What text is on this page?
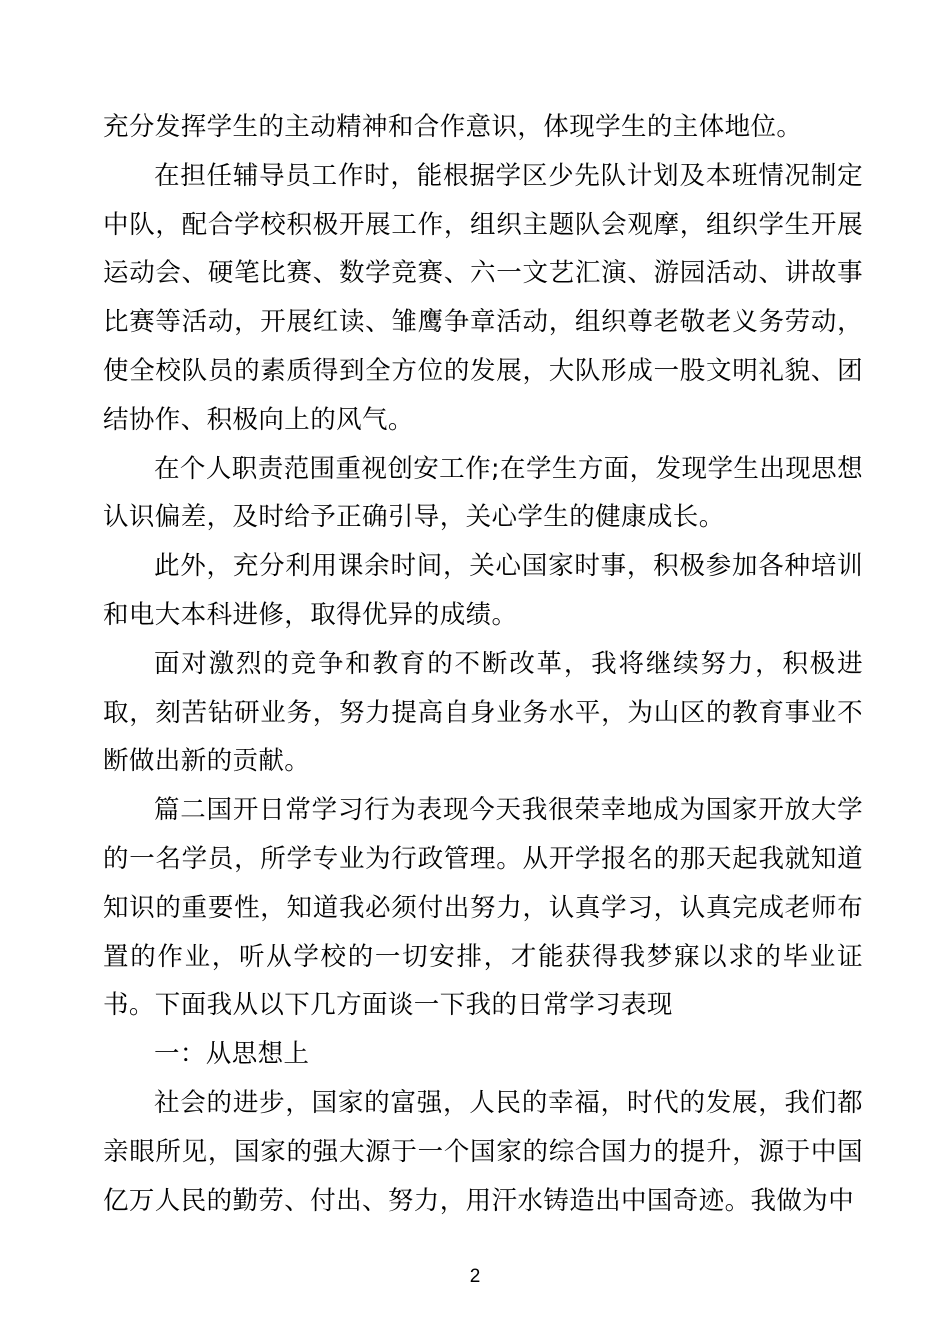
充分发挥学生的主动精神和合作意识，体现学生的主体地位。

在担任辅导员工作时，能根据学区少先队计划及本班情况制定中队，配合学校积极开展工作，组织主题队会观摩，组织学生开展运动会、硬笔比赛、数学竞赛、六一文艺汇演、游园活动、讲故事比赛等活动，开展红读、雏鹰争章活动，组织尊老敬老义务劳动，使全校队员的素质得到全方位的发展，大队形成一股文明礼貌、团结协作、积极向上的风气。

在个人职责范围重视创安工作;在学生方面，发现学生出现思想认识偏差，及时给予正确引导，关心学生的健康成长。

此外，充分利用课余时间，关心国家时事，积极参加各种培训和电大本科进修，取得优异的成绩。

面对激烈的竞争和教育的不断改革，我将继续努力，积极进取，刻苦钻研业务，努力提高自身业务水平，为山区的教育事业不断做出新的贡献。

篇二国开日常学习行为表现今天我很荣幸地成为国家开放大学的一名学员，所学专业为行政管理。从开学报名的那天起我就知道知识的重要性，知道我必须付出努力，认真学习，认真完成老师布置的作业，听从学校的一切安排，才能获得我梦寐以求的毕业证书。下面我从以下几方面谈一下我的日常学习表现

一：从思想上

社会的进步，国家的富强，人民的幸福，时代的发展，我们都亲眼所见，国家的强大源于一个国家的综合国力的提升，源于中国亿万人民的勤劳、付出、努力，用汗水铸造出中国奇迹。我做为中

2
